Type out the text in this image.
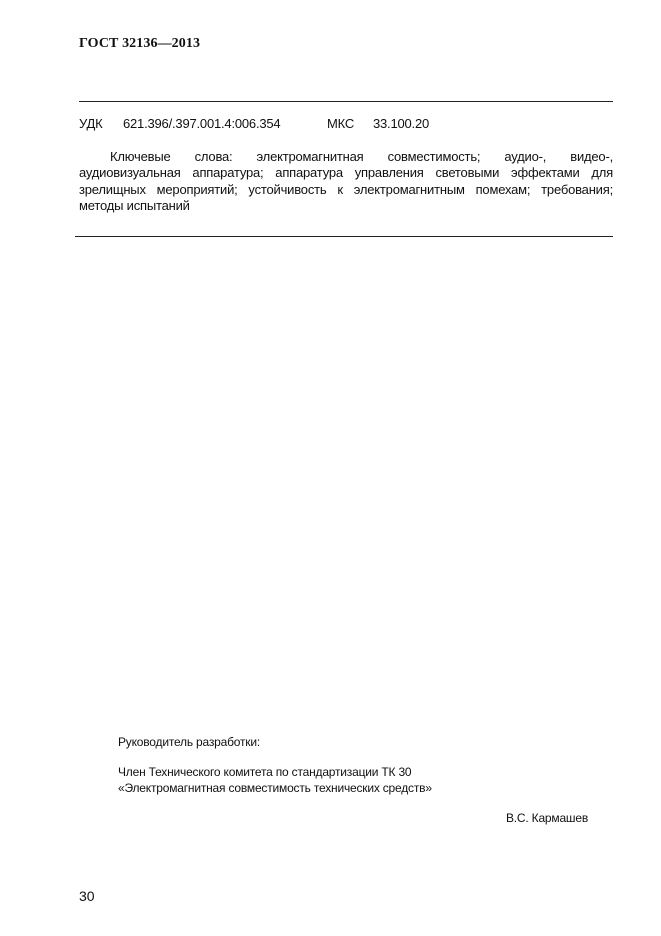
ГОСТ 32136—2013
УДК 621.396/.397.001.4:006.354	МКС 33.100.20
Ключевые слова: электромагнитная совместимость; аудио-, видео-, аудиовизуальная аппаратура; аппаратура управления световыми эффектами для зрелищных мероприятий; устойчивость к электромагнитным помехам; требования; методы испытаний
Руководитель разработки:
Член Технического комитета по стандартизации ТК 30
«Электромагнитная совместимость технических средств»
В.С. Кармашев
30
